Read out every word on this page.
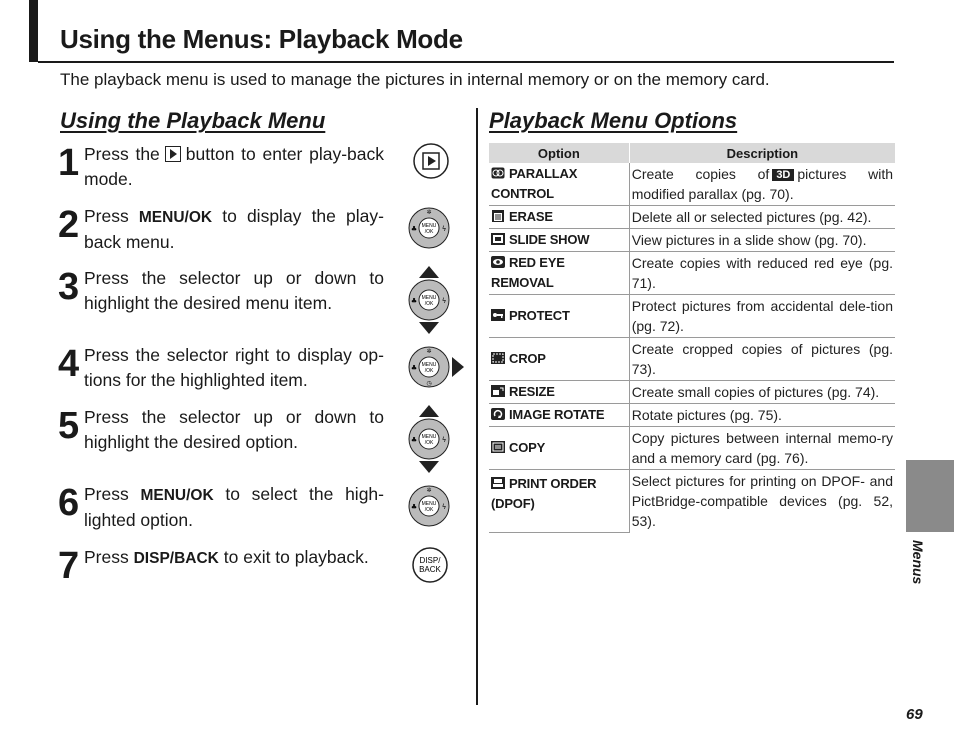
Using the Menus: Playback Mode
The playback menu is used to manage the pictures in internal memory or on the memory card.
Using the Playback Menu
1 Press the button to enter play-back mode.
2 Press MENU/OK to display the play-back menu.
MENU
/OK
✲
♣	ϟ
3 Press the selector up or down to highlight the desired menu item.	MENU
/OK
♣	ϟ
4 Press the selector right to display op-tions for the highlighted item.
MENU
/OK
✲
♣
◷
5 Press the selector up or down to highlight the desired option.	MENU
/OK
♣	ϟ
6 Press MENU/OK to select the high-lighted option.
MENU
/OK
✲
♣	ϟ
7 Press DISP/BACK to exit to playback.	DISP/
BACK
Playback Menu Options
Option	Description
PARALLAX CONTROL	Create copies of 3D pictures with modified parallax (pg. 70).
ERASE	Delete all or selected pictures (pg. 42).
SLIDE SHOW	View pictures in a slide show (pg. 70).
RED EYE REMOVAL	Create copies with reduced red eye (pg. 71).
PROTECT	Protect pictures from accidental dele-tion (pg. 72).
CROP	Create cropped copies of pictures (pg. 73).
RESIZE	Create small copies of pictures (pg. 74).
IMAGE ROTATE	Rotate pictures (pg. 75).
COPY	Copy pictures between internal memo-ry and a memory card (pg. 76).
PRINT ORDER (DPOF)	Select pictures for printing on DPOF- and PictBridge-compatible devices (pg. 52, 53).
Menus
69
